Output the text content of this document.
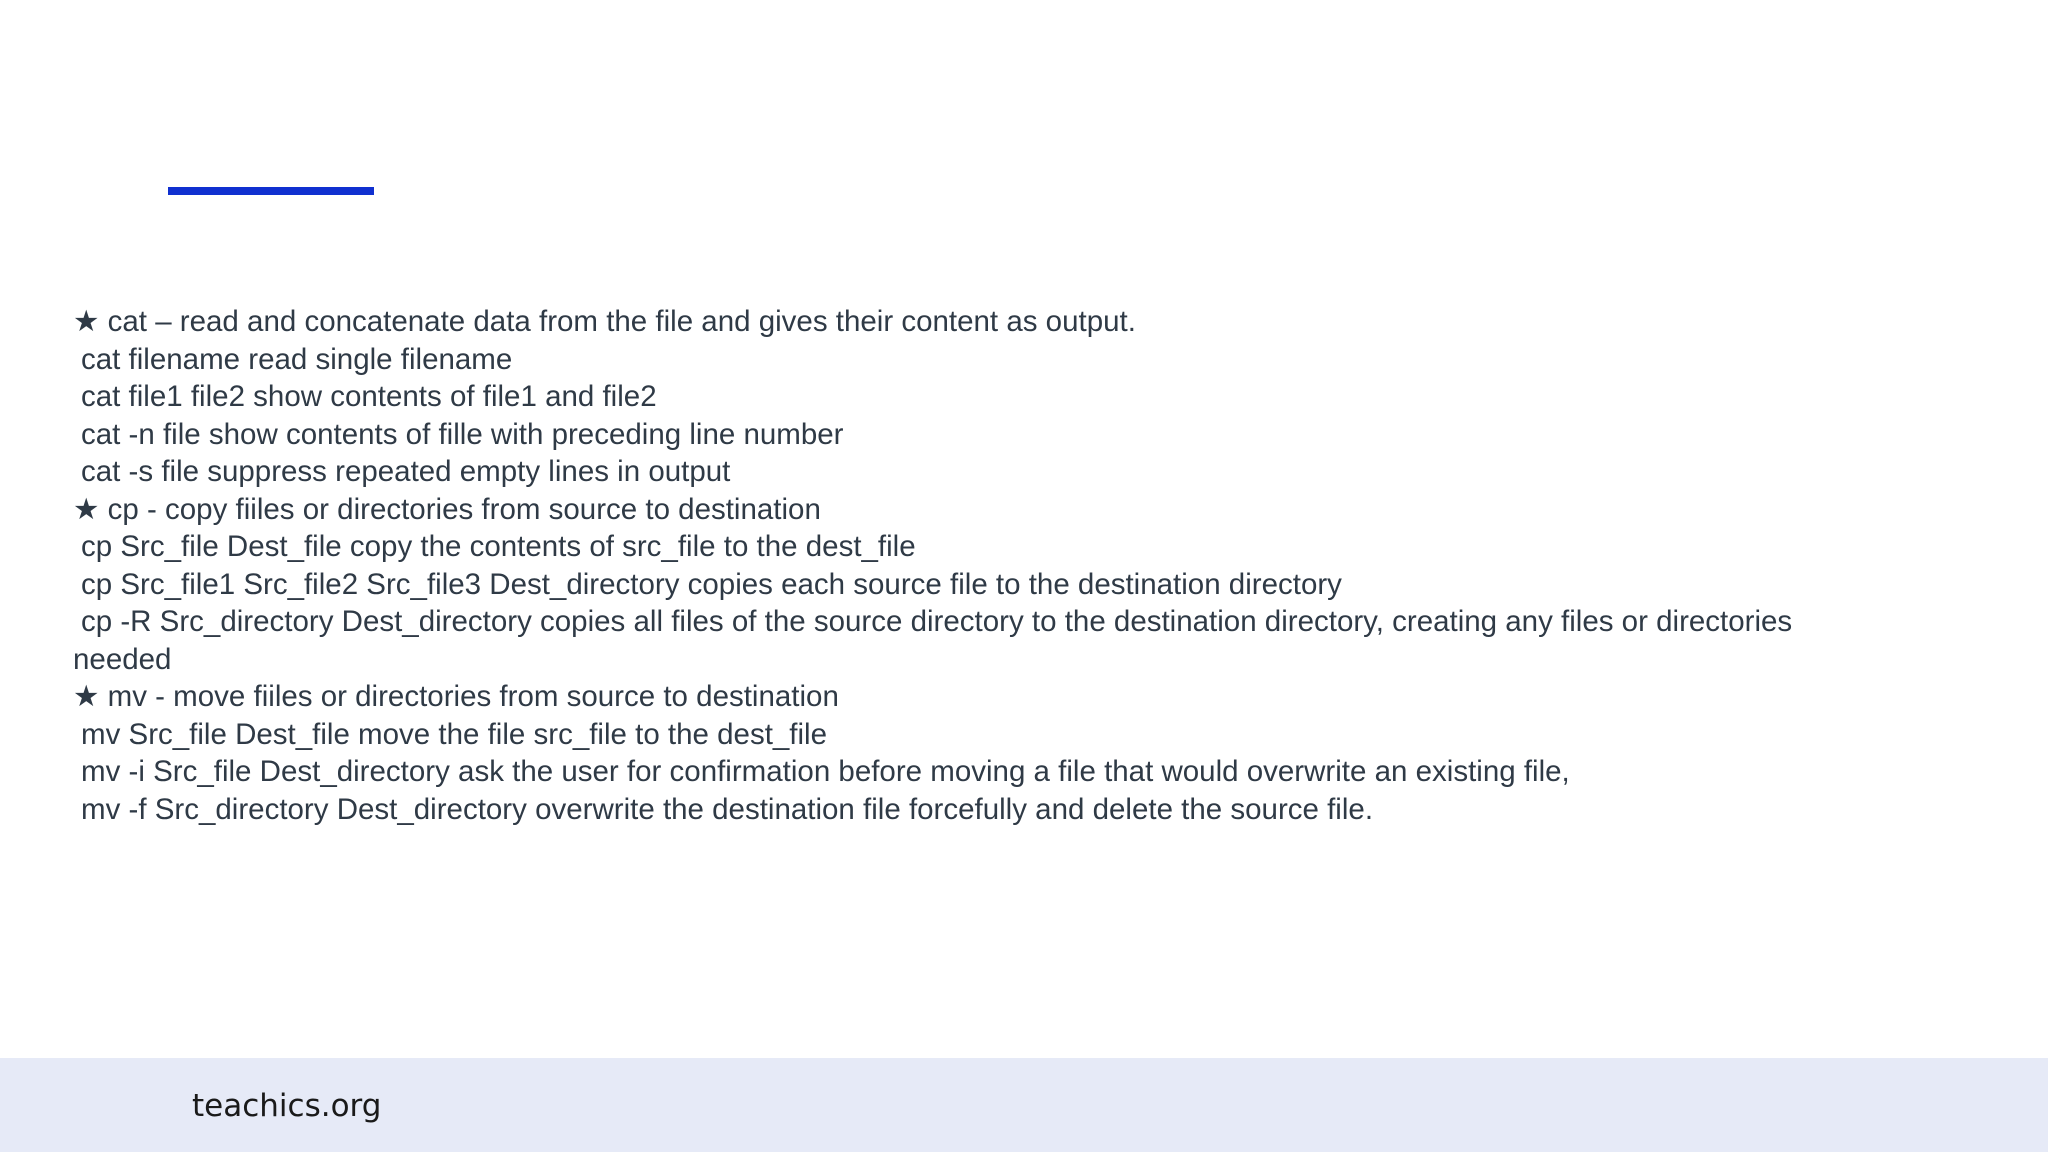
★ cat – read and concatenate data from the file and gives their content as output.

cat filename read single filename

cat file1 file2 show contents of file1 and file2

cat -n file show contents of fille with preceding line number

cat -s file suppress repeated empty lines in output

★ cp - copy fiiles or directories from source to destination

cp Src_file Dest_file copy the contents of src_file to the dest_file

cp Src_file1 Src_file2 Src_file3 Dest_directory copies each source file to the destination directory

cp -R Src_directory Dest_directory copies all files of the source directory to the destination directory, creating any files or directories

needed

★ mv - move fiiles or directories from source to destination

mv Src_file Dest_file move the file src_file to the dest_file

mv -i Src_file Dest_directory ask the user for confirmation before moving a file that would overwrite an existing file,

mv -f Src_directory Dest_directory overwrite the destination file forcefully and delete the source file.

teachics.org
